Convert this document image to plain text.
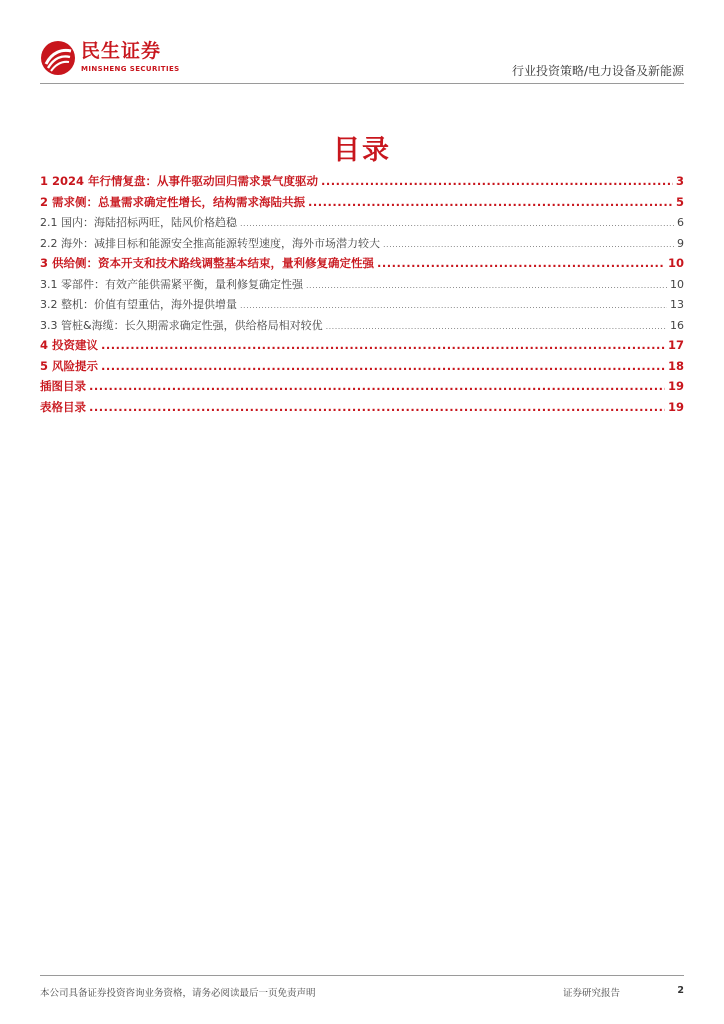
民生证券
MINSHENG SECURITIES	行业投资策略/电力设备及新能源
目录
1 2024 年行情复盘：从事件驱动回归需求景气度驱动 .....	3
2 需求侧：总量需求确定性增长，结构需求海陆共振 .....	5
2.1 国内：海陆招标两旺，陆风价格趋稳 .....	6
2.2 海外：减排目标和能源安全推高能源转型速度，海外市场潜力较大 .....	9
3 供给侧：资本开支和技术路线调整基本结束，量利修复确定性强 .....	10
3.1 零部件：有效产能供需紧平衡，量利修复确定性强 .....	10
3.2 整机：价值有望重估，海外提供增量 .....	13
3.3 管桩&海缆：长久期需求确定性强，供给格局相对较优 .....	16
4 投资建议 .....	17
5 风险提示 .....	18
插图目录 .....	19
表格目录 .....	19
本公司具备证券投资咨询业务资格，请务必阅读最后一页免责声明	证券研究报告	2
